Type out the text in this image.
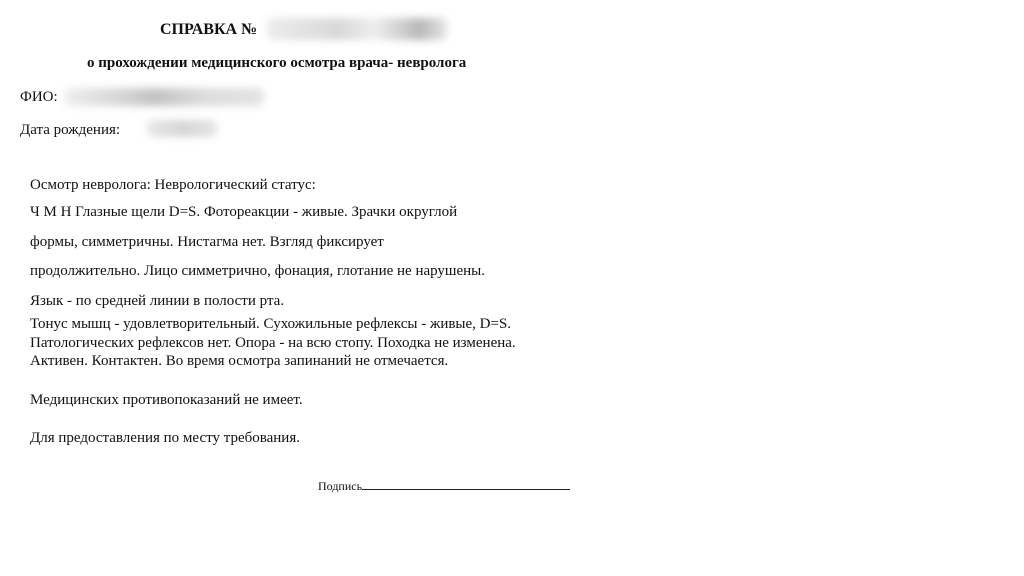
СПРАВКА №
о прохождении медицинского осмотра врача- невролога
ФИО:
Дата рождения:
Осмотр невролога: Неврологический статус:
Ч М Н Глазные щели D=S. Фотореакции - живые. Зрачки округлой
формы, симметричны. Нистагма нет. Взгляд фиксирует
продолжительно. Лицо симметрично, фонация, глотание не нарушены.
Язык - по средней линии в полости рта.
Тонус мышц - удовлетворительный. Сухожильные рефлексы - живые, D=S.
Патологических рефлексов нет. Опора - на всю стопу. Походка не изменена.
Активен. Контактен. Во время осмотра запинаний не отмечается.
Медицинских противопоказаний не имеет.
Для предоставления по месту требования.
Подпись
